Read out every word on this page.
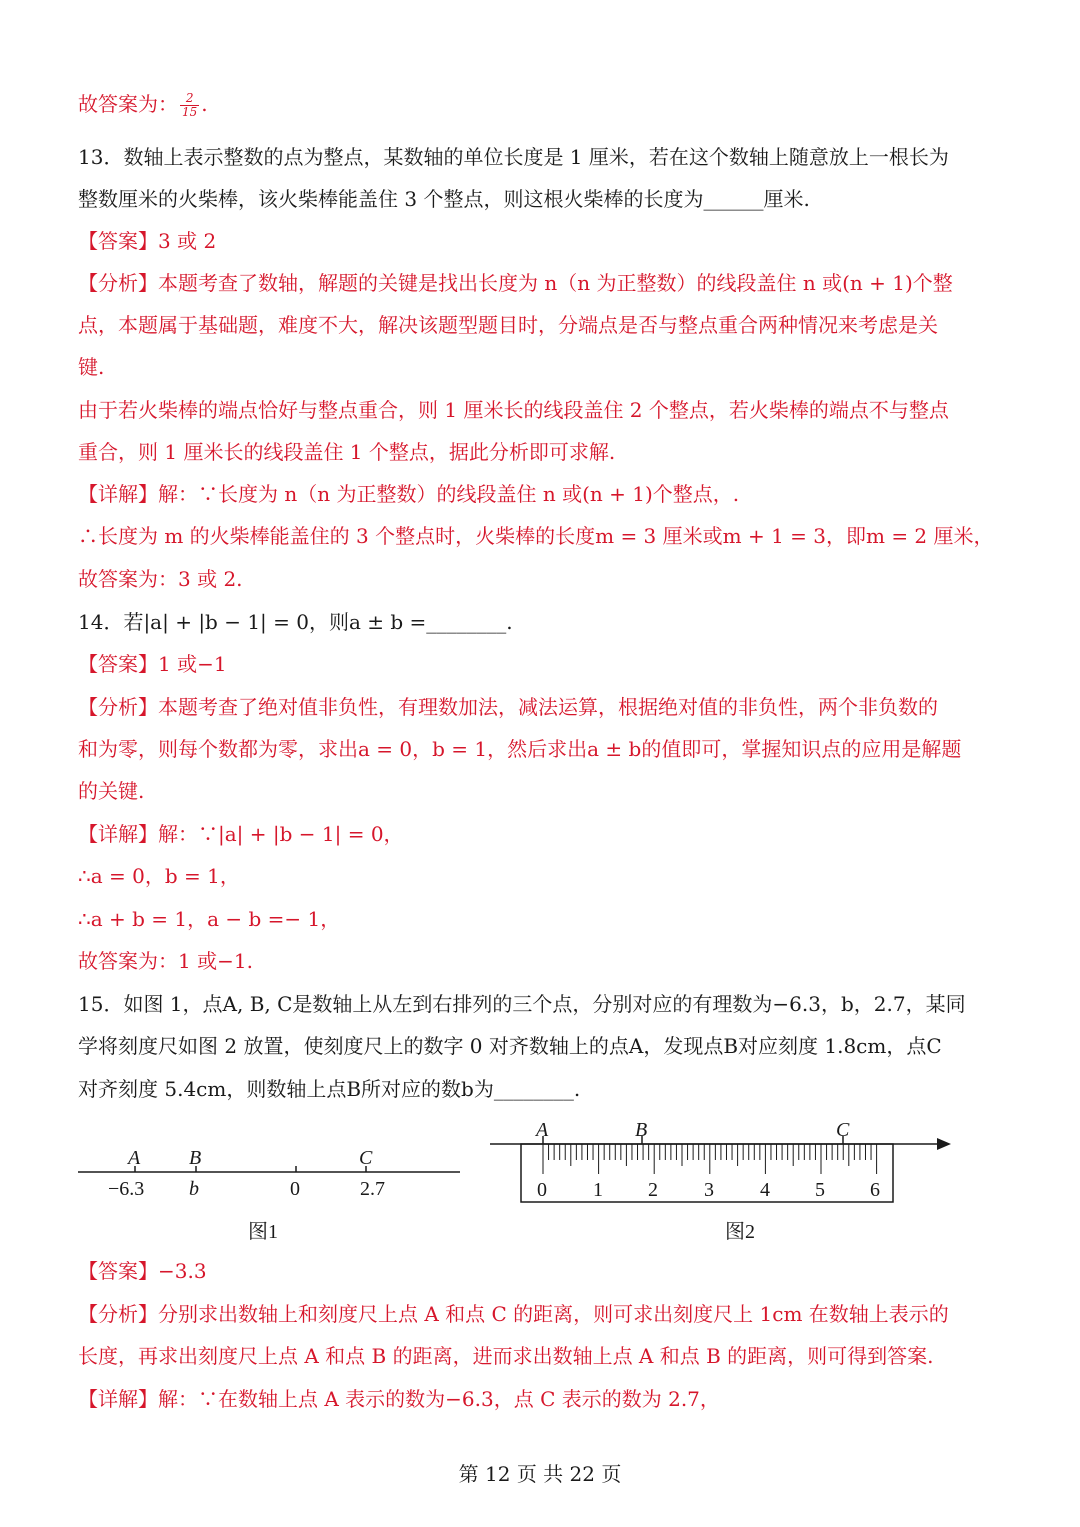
故答案为： $\frac{2}{15}$ .
13．数轴上表示整数的点为整点，某数轴的单位长度是 1 厘米，若在这个数轴上随意放上一根长为
整数厘米的火柴棒，该火柴棒能盖住 3 个整点，则这根火柴棒的长度为______厘米.
【答案】3 或 2
【分析】本题考查了数轴，解题的关键是找出长度为 n（n 为正整数）的线段盖住 n 或(n + 1)个整
点，本题属于基础题，难度不大，解决该题型题目时，分端点是否与整点重合两种情况来考虑是关
键.
由于若火柴棒的端点恰好与整点重合，则 1 厘米长的线段盖住 2 个整点，若火柴棒的端点不与整点
重合，则 1 厘米长的线段盖住 1 个整点，据此分析即可求解.
【详解】解：∵长度为 n（n 为正整数）的线段盖住 n 或(n + 1)个整点，.
∴长度为 m 的火柴棒能盖住的 3 个整点时，火柴棒的长度m = 3 厘米或m + 1 = 3，即m = 2 厘米，
故答案为：3 或 2.
14．若|a| + |b − 1| = 0，则a ± b =________.
【答案】1 或−1
【分析】本题考查了绝对值非负性，有理数加法，减法运算，根据绝对值的非负性，两个非负数的
和为零，则每个数都为零，求出a = 0，b = 1，然后求出a ± b的值即可，掌握知识点的应用是解题
的关键.
【详解】解：∵|a| + |b − 1| = 0，
∴a = 0，b = 1，
∴a + b = 1，a − b =− 1，
故答案为：1 或−1.
15．如图 1，点A, B, C是数轴上从左到右排列的三个点，分别对应的有理数为−6.3，b，2.7，某同
学将刻度尺如图 2 放置，使刻度尺上的数字 0 对齐数轴上的点A，发现点B对应刻度 1.8cm，点C
对齐刻度 5.4cm，则数轴上点B所对应的数b为________.
【答案】−3.3
【分析】分别求出数轴上和刻度尺上点 A 和点 C 的距离，则可求出刻度尺上 1cm 在数轴上表示的
长度，再求出刻度尺上点 A 和点 B 的距离，进而求出数轴上点 A 和点 B 的距离，则可得到答案.
【详解】解：∵在数轴上点 A 表示的数为−6.3，点 C 表示的数为 2.7，
A B	C
−6.3 b	0	2.7
图1
A	B	C
0 1 2 3 4 5 6
图2
第 12 页 共 22 页
